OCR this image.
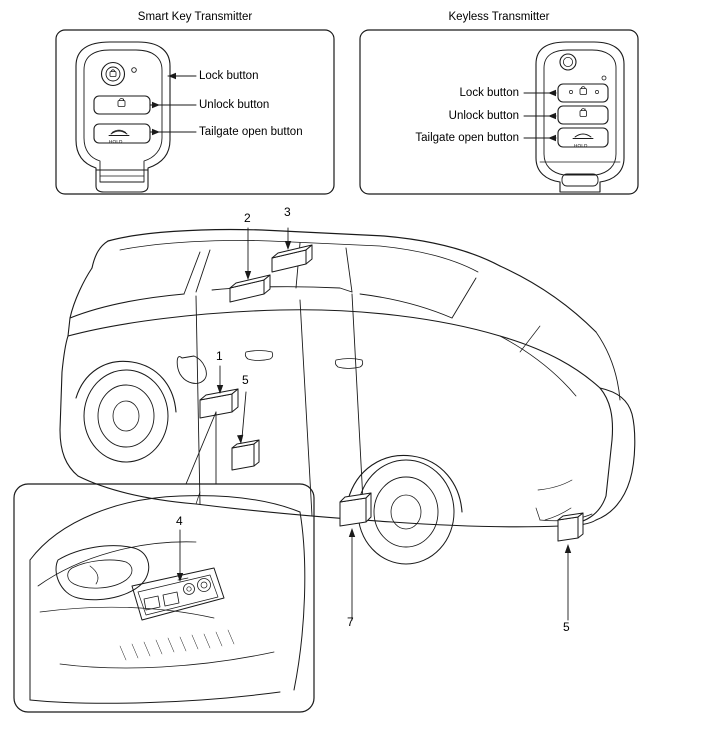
Smart Key Transmitter	Keyless Transmitter
Lock button
Unlock button
Tailgate open button
Lock button
Unlock button
Tailgate open button
HOLD
HOLD
2	3
1
5
4
7	5
